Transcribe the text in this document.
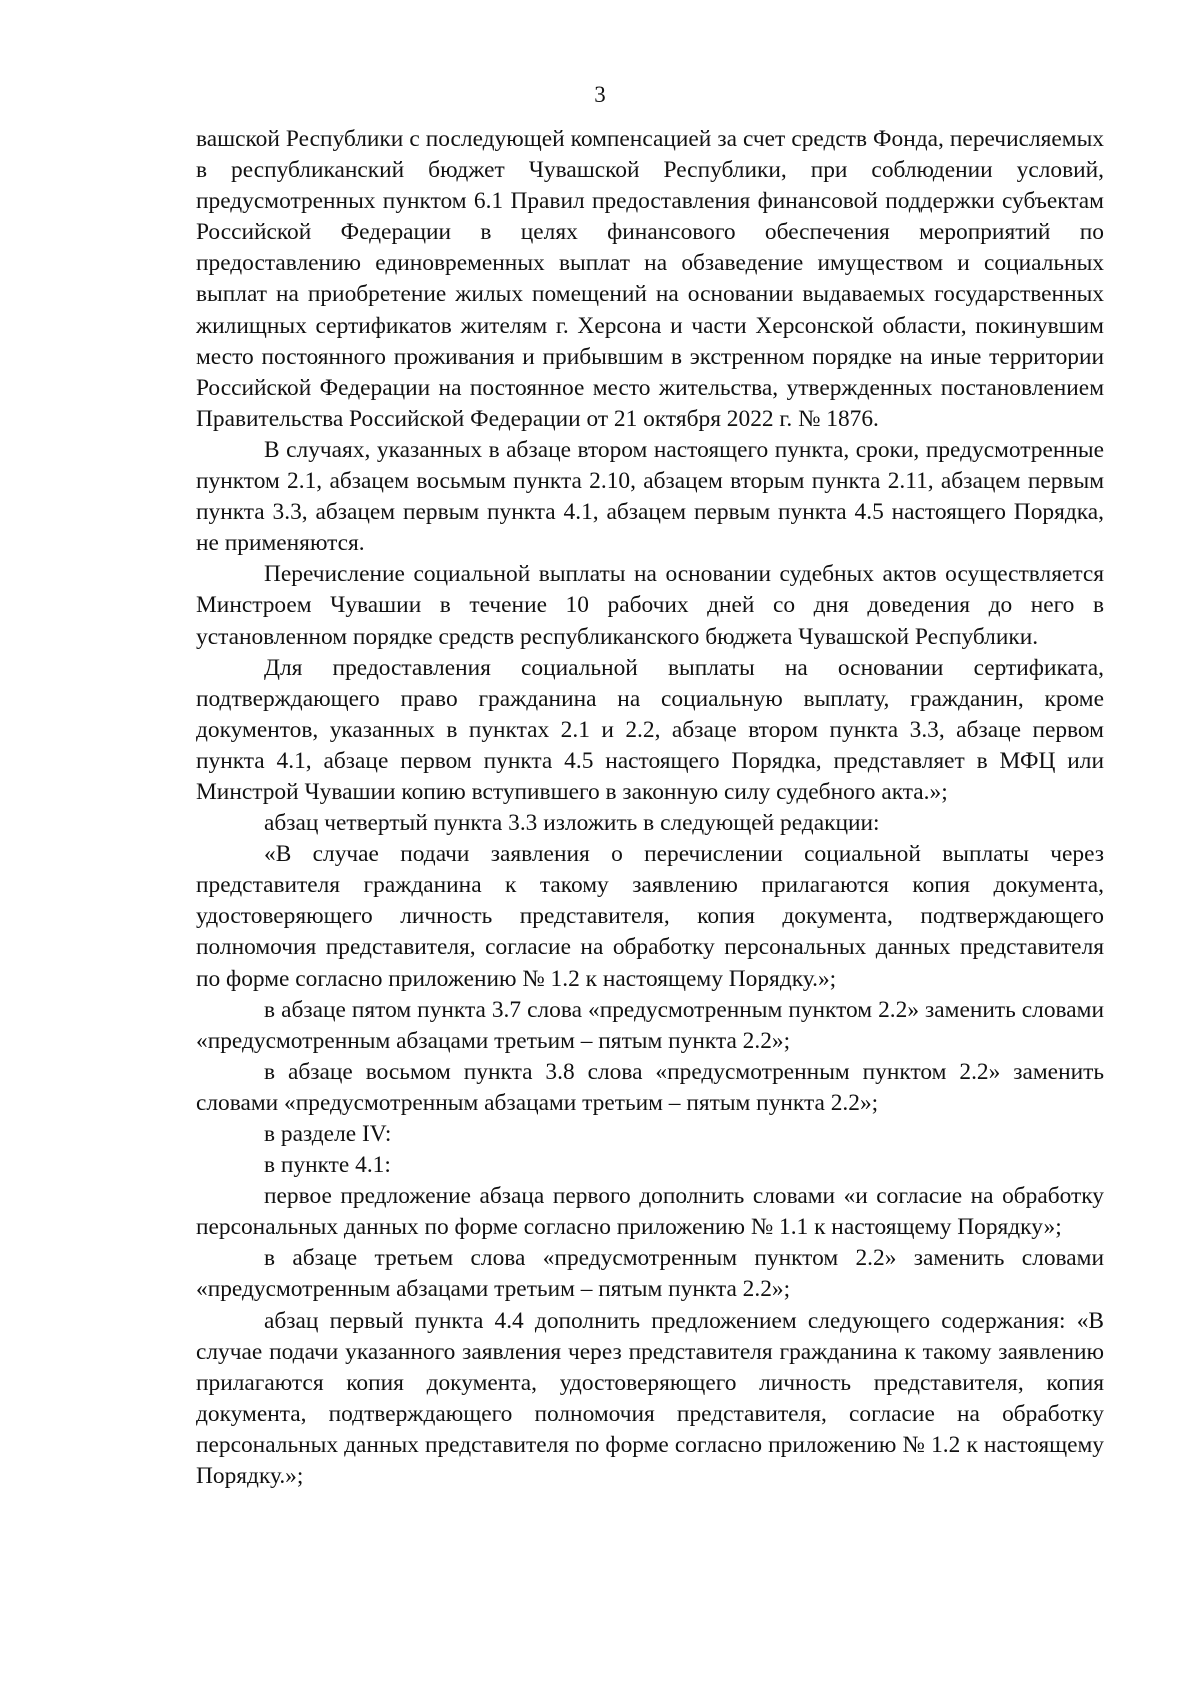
3

вашской Республики с последующей компенсацией за счет средств Фонда, перечисляемых в республиканский бюджет Чувашской Республики, при соблюдении условий, предусмотренных пунктом 6.1 Правил предоставления финансовой поддержки субъектам Российской Федерации в целях финансового обеспечения мероприятий по предоставлению единовременных выплат на обзаведение имуществом и социальных выплат на приобретение жилых помещений на основании выдаваемых государственных жилищных сертификатов жителям г. Херсона и части Херсонской области, покинувшим место постоянного проживания и прибывшим в экстренном порядке на иные территории Российской Федерации на постоянное место жительства, утвержденных постановлением Правительства Российской Федерации от 21 октября 2022 г. № 1876.

В случаях, указанных в абзаце втором настоящего пункта, сроки, предусмотренные пунктом 2.1, абзацем восьмым пункта 2.10, абзацем вторым пункта 2.11, абзацем первым пункта 3.3, абзацем первым пункта 4.1, абзацем первым пункта 4.5 настоящего Порядка, не применяются.

Перечисление социальной выплаты на основании судебных актов осуществляется Минстроем Чувашии в течение 10 рабочих дней со дня доведения до него в установленном порядке средств республиканского бюджета Чувашской Республики.

Для предоставления социальной выплаты на основании сертификата, подтверждающего право гражданина на социальную выплату, гражданин, кроме документов, указанных в пунктах 2.1 и 2.2, абзаце втором пункта 3.3, абзаце первом пункта 4.1, абзаце первом пункта 4.5 настоящего Порядка, представляет в МФЦ или Минстрой Чувашии копию вступившего в законную силу судебного акта.»;

абзац четвертый пункта 3.3 изложить в следующей редакции:

«В случае подачи заявления о перечислении социальной выплаты через представителя гражданина к такому заявлению прилагаются копия документа, удостоверяющего личность представителя, копия документа, подтверждающего полномочия представителя, согласие на обработку персональных данных представителя по форме согласно приложению № 1.2 к настоящему Порядку.»;

в абзаце пятом пункта 3.7 слова «предусмотренным пунктом 2.2» заменить словами «предусмотренным абзацами третьим – пятым пункта 2.2»;

в абзаце восьмом пункта 3.8 слова «предусмотренным пунктом 2.2» заменить словами «предусмотренным абзацами третьим – пятым пункта 2.2»;

в разделе IV:

в пункте 4.1:

первое предложение абзаца первого дополнить словами «и согласие на обработку персональных данных по форме согласно приложению № 1.1 к настоящему Порядку»;

в абзаце третьем слова «предусмотренным пунктом 2.2» заменить словами «предусмотренным абзацами третьим – пятым пункта 2.2»;

абзац первый пункта 4.4 дополнить предложением следующего содержания: «В случае подачи указанного заявления через представителя гражданина к такому заявлению прилагаются копия документа, удостоверяющего личность представителя, копия документа, подтверждающего полномочия представителя, согласие на обработку персональных данных представителя по форме согласно приложению № 1.2 к настоящему Порядку.»;
